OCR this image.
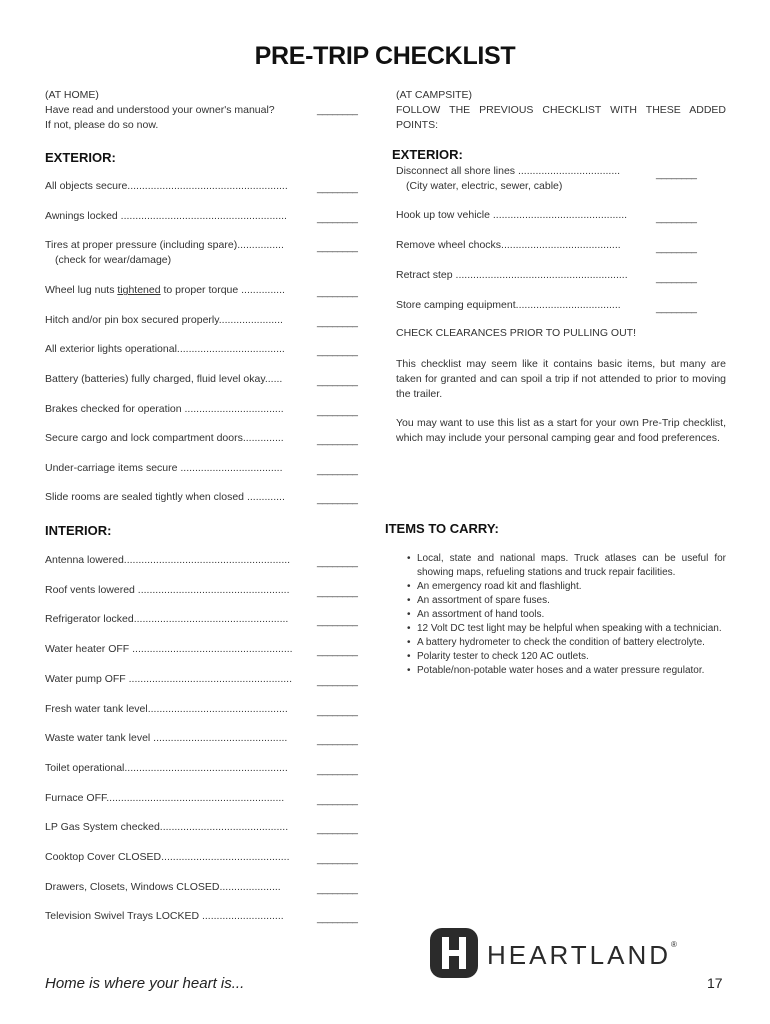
PRE-TRIP CHECKLIST
(AT HOME)
Have read and understood your owner's manual?
If not, please do so now.
________
(AT CAMPSITE)
FOLLOW THE PREVIOUS CHECKLIST WITH THESE ADDED
POINTS:
EXTERIOR:
All objects secure.......................................................	________
Awnings locked .........................................................	________
Tires at proper pressure (including spare)................
(check for wear/damage)
________
Wheel lug nuts tightened to proper torque ...............	________
Hitch and/or pin box secured properly......................	________
All exterior lights operational.....................................	________
Battery (batteries) fully charged, fluid level okay......	________
Brakes checked for operation ..................................	________
Secure cargo and lock compartment doors..............	________
Under-carriage items secure ...................................	________
Slide rooms are sealed tightly when closed .............	________
INTERIOR:
Antenna lowered.........................................................	________
Roof vents lowered ....................................................	________
Refrigerator locked.....................................................	________
Water heater OFF ....................................................... ________
Water pump OFF ........................................................	________
Fresh water tank level................................................	________
Waste water tank level ..............................................	________
Toilet operational........................................................	________
Furnace OFF.............................................................	________
LP Gas System checked............................................	________
Cooktop Cover CLOSED............................................	________
Drawers, Closets, Windows CLOSED.....................	________
Television Swivel Trays LOCKED ............................	________
EXTERIOR:
Disconnect all shore lines ...................................
(City water, electric, sewer, cable)
________
Hook up tow vehicle ..............................................	________
Remove wheel chocks.........................................	________
Retract step ...........................................................	________
Store camping equipment....................................	________
CHECK CLEARANCES PRIOR TO PULLING OUT!
This checklist may seem like it contains basic items, but many are taken for granted and can spoil a trip if not attended to prior to moving the trailer.
You may want to use this list as a start for your own Pre-Trip checklist, which may include your personal camping gear and food preferences.
ITEMS TO CARRY:
• Local, state and national maps. Truck atlases can be useful for showing maps, refueling stations and truck repair facilities.
• An emergency road kit and flashlight.
• An assortment of spare fuses.
• An assortment of hand tools.
• 12 Volt DC test light may be helpful when speaking with a technician.
• A battery hydrometer to check the condition of battery electrolyte.
• Polarity tester to check 120 AC outlets.
• Potable/non-potable water hoses and a water pressure regulator.
HEARTLAND®
Home is where your heart is...	17
